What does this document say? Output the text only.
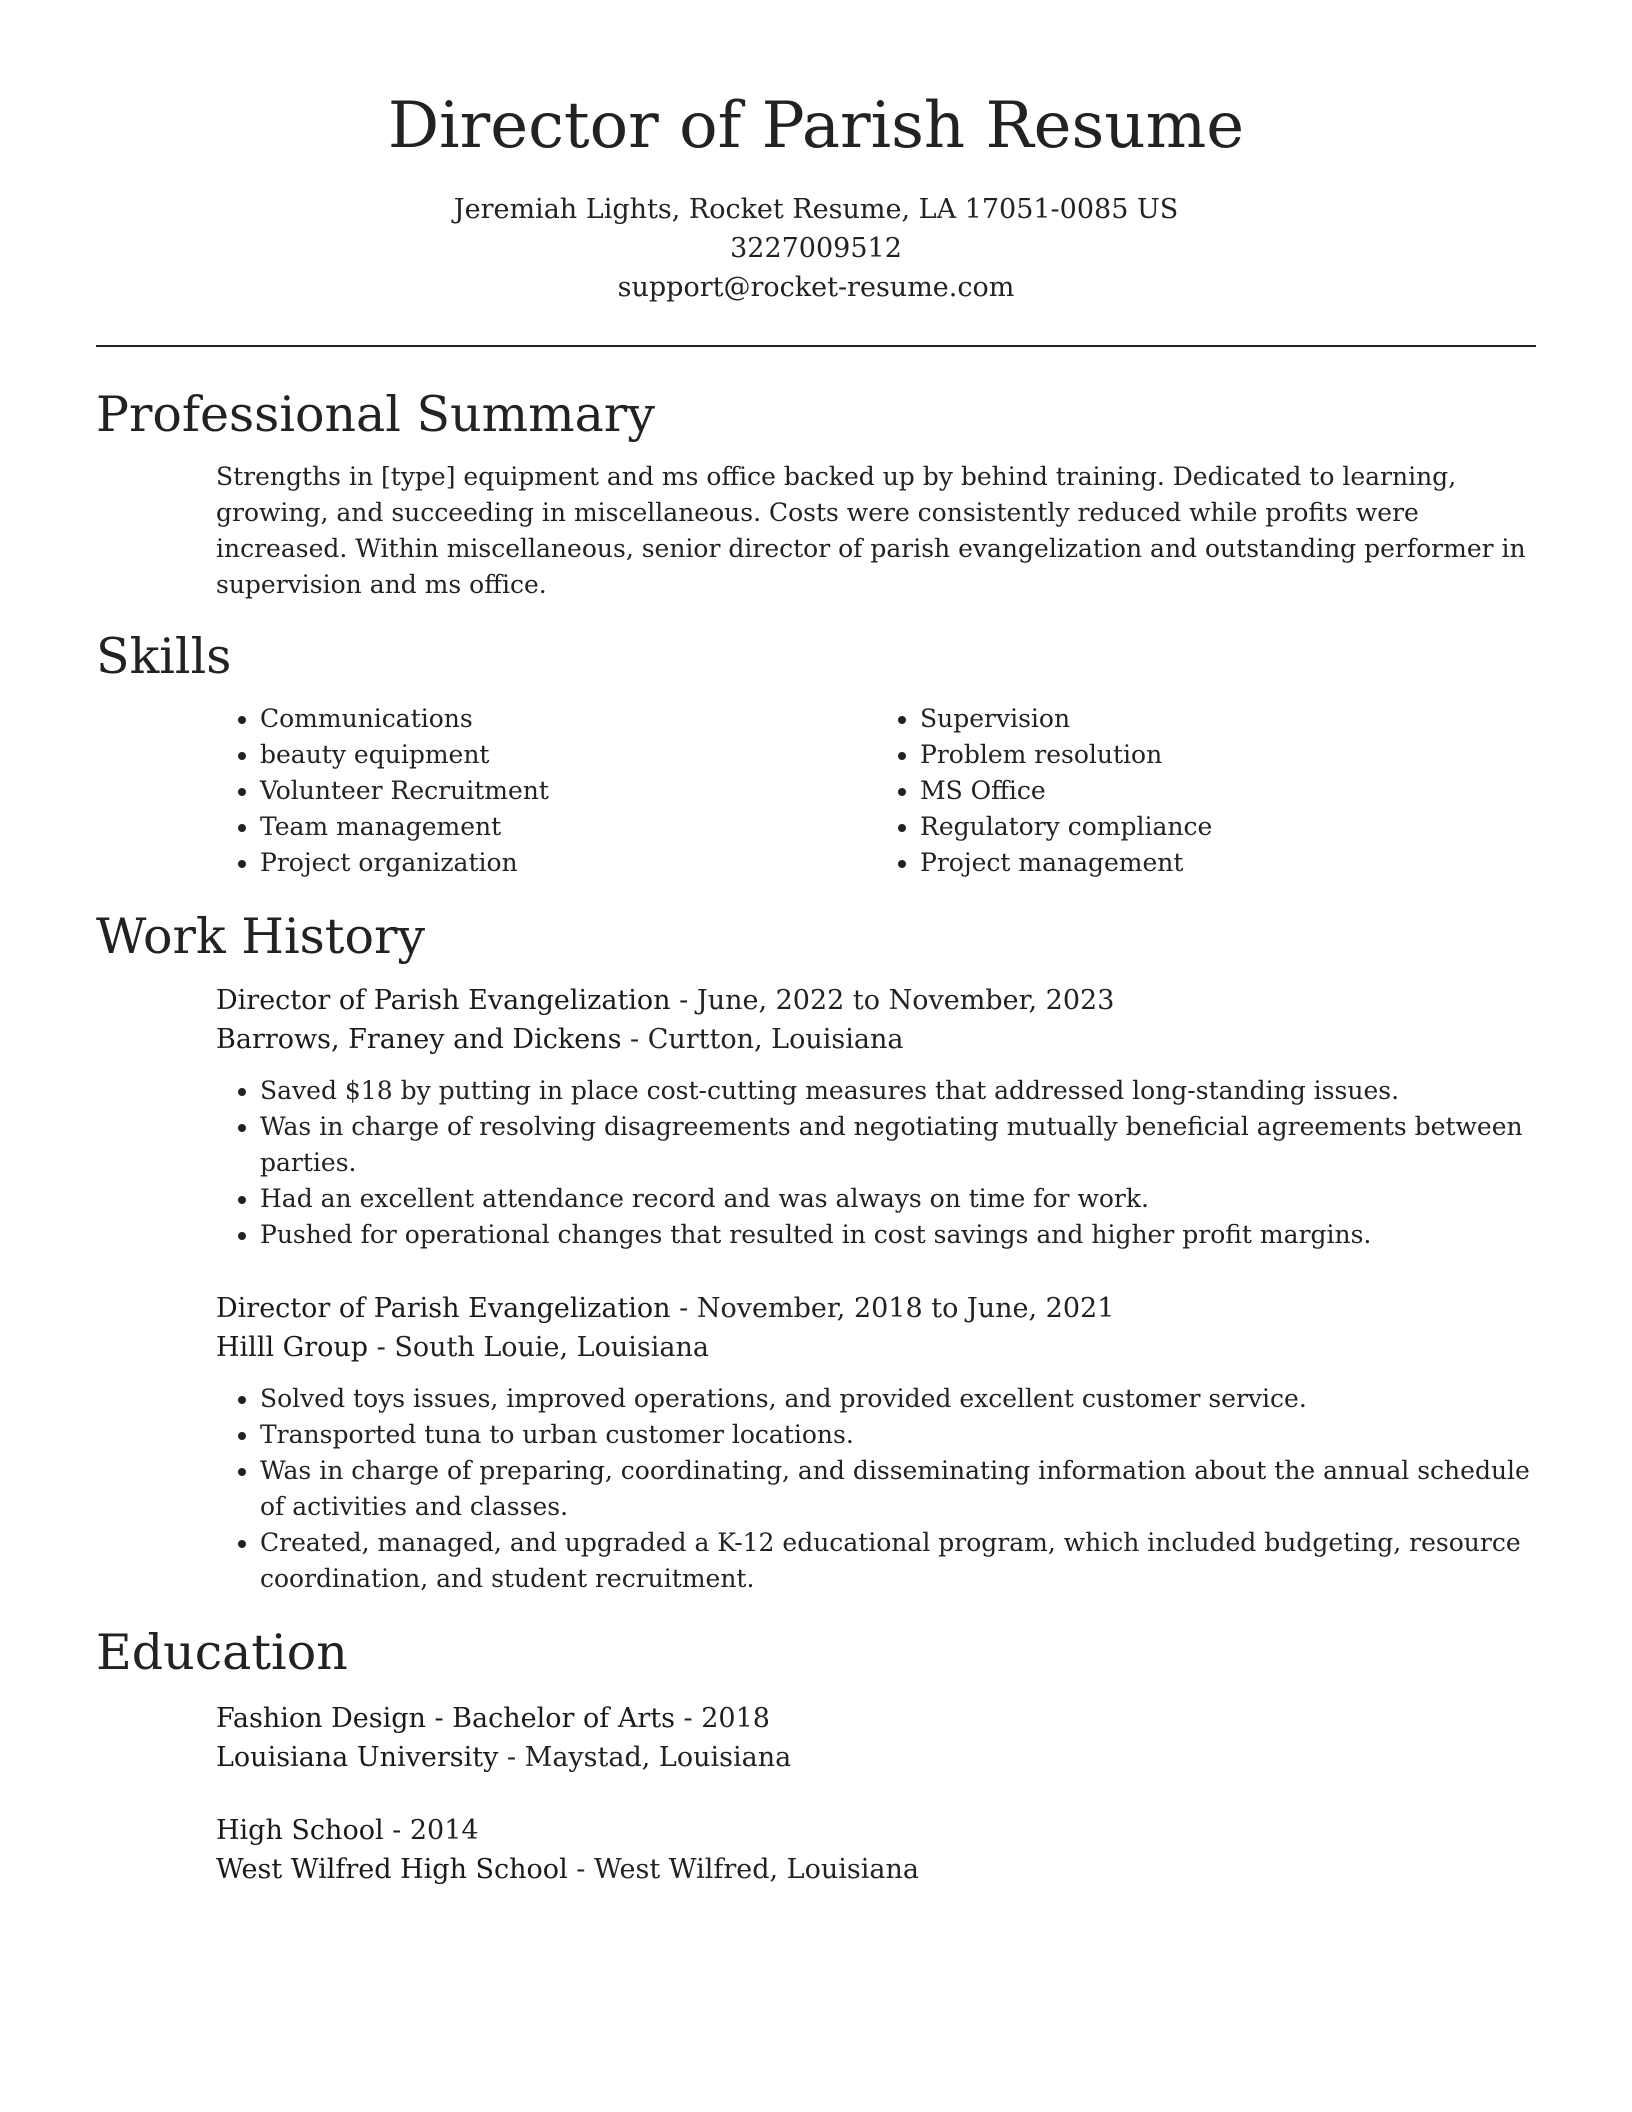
Director of Parish Resume
Jeremiah Lights, Rocket Resume, LA 17051-0085 US
3227009512
support@rocket-resume.com
Professional Summary
Strengths in [type] equipment and ms office backed up by behind training. Dedicated to learning, growing, and succeeding in miscellaneous. Costs were consistently reduced while profits were increased. Within miscellaneous, senior director of parish evangelization and outstanding performer in supervision and ms office.
Skills
• Communications
• beauty equipment
• Volunteer Recruitment
• Team management
• Project organization
• Supervision
• Problem resolution
• MS Office
• Regulatory compliance
• Project management
Work History
Director of Parish Evangelization - June, 2022 to November, 2023
Barrows, Franey and Dickens - Curtton, Louisiana
• Saved $18 by putting in place cost-cutting measures that addressed long-standing issues.
• Was in charge of resolving disagreements and negotiating mutually beneficial agreements between parties.
• Had an excellent attendance record and was always on time for work.
• Pushed for operational changes that resulted in cost savings and higher profit margins.
Director of Parish Evangelization - November, 2018 to June, 2021
Hilll Group - South Louie, Louisiana
• Solved toys issues, improved operations, and provided excellent customer service.
• Transported tuna to urban customer locations.
• Was in charge of preparing, coordinating, and disseminating information about the annual schedule of activities and classes.
• Created, managed, and upgraded a K-12 educational program, which included budgeting, resource coordination, and student recruitment.
Education
Fashion Design - Bachelor of Arts - 2018
Louisiana University - Maystad, Louisiana
High School - 2014
West Wilfred High School - West Wilfred, Louisiana
